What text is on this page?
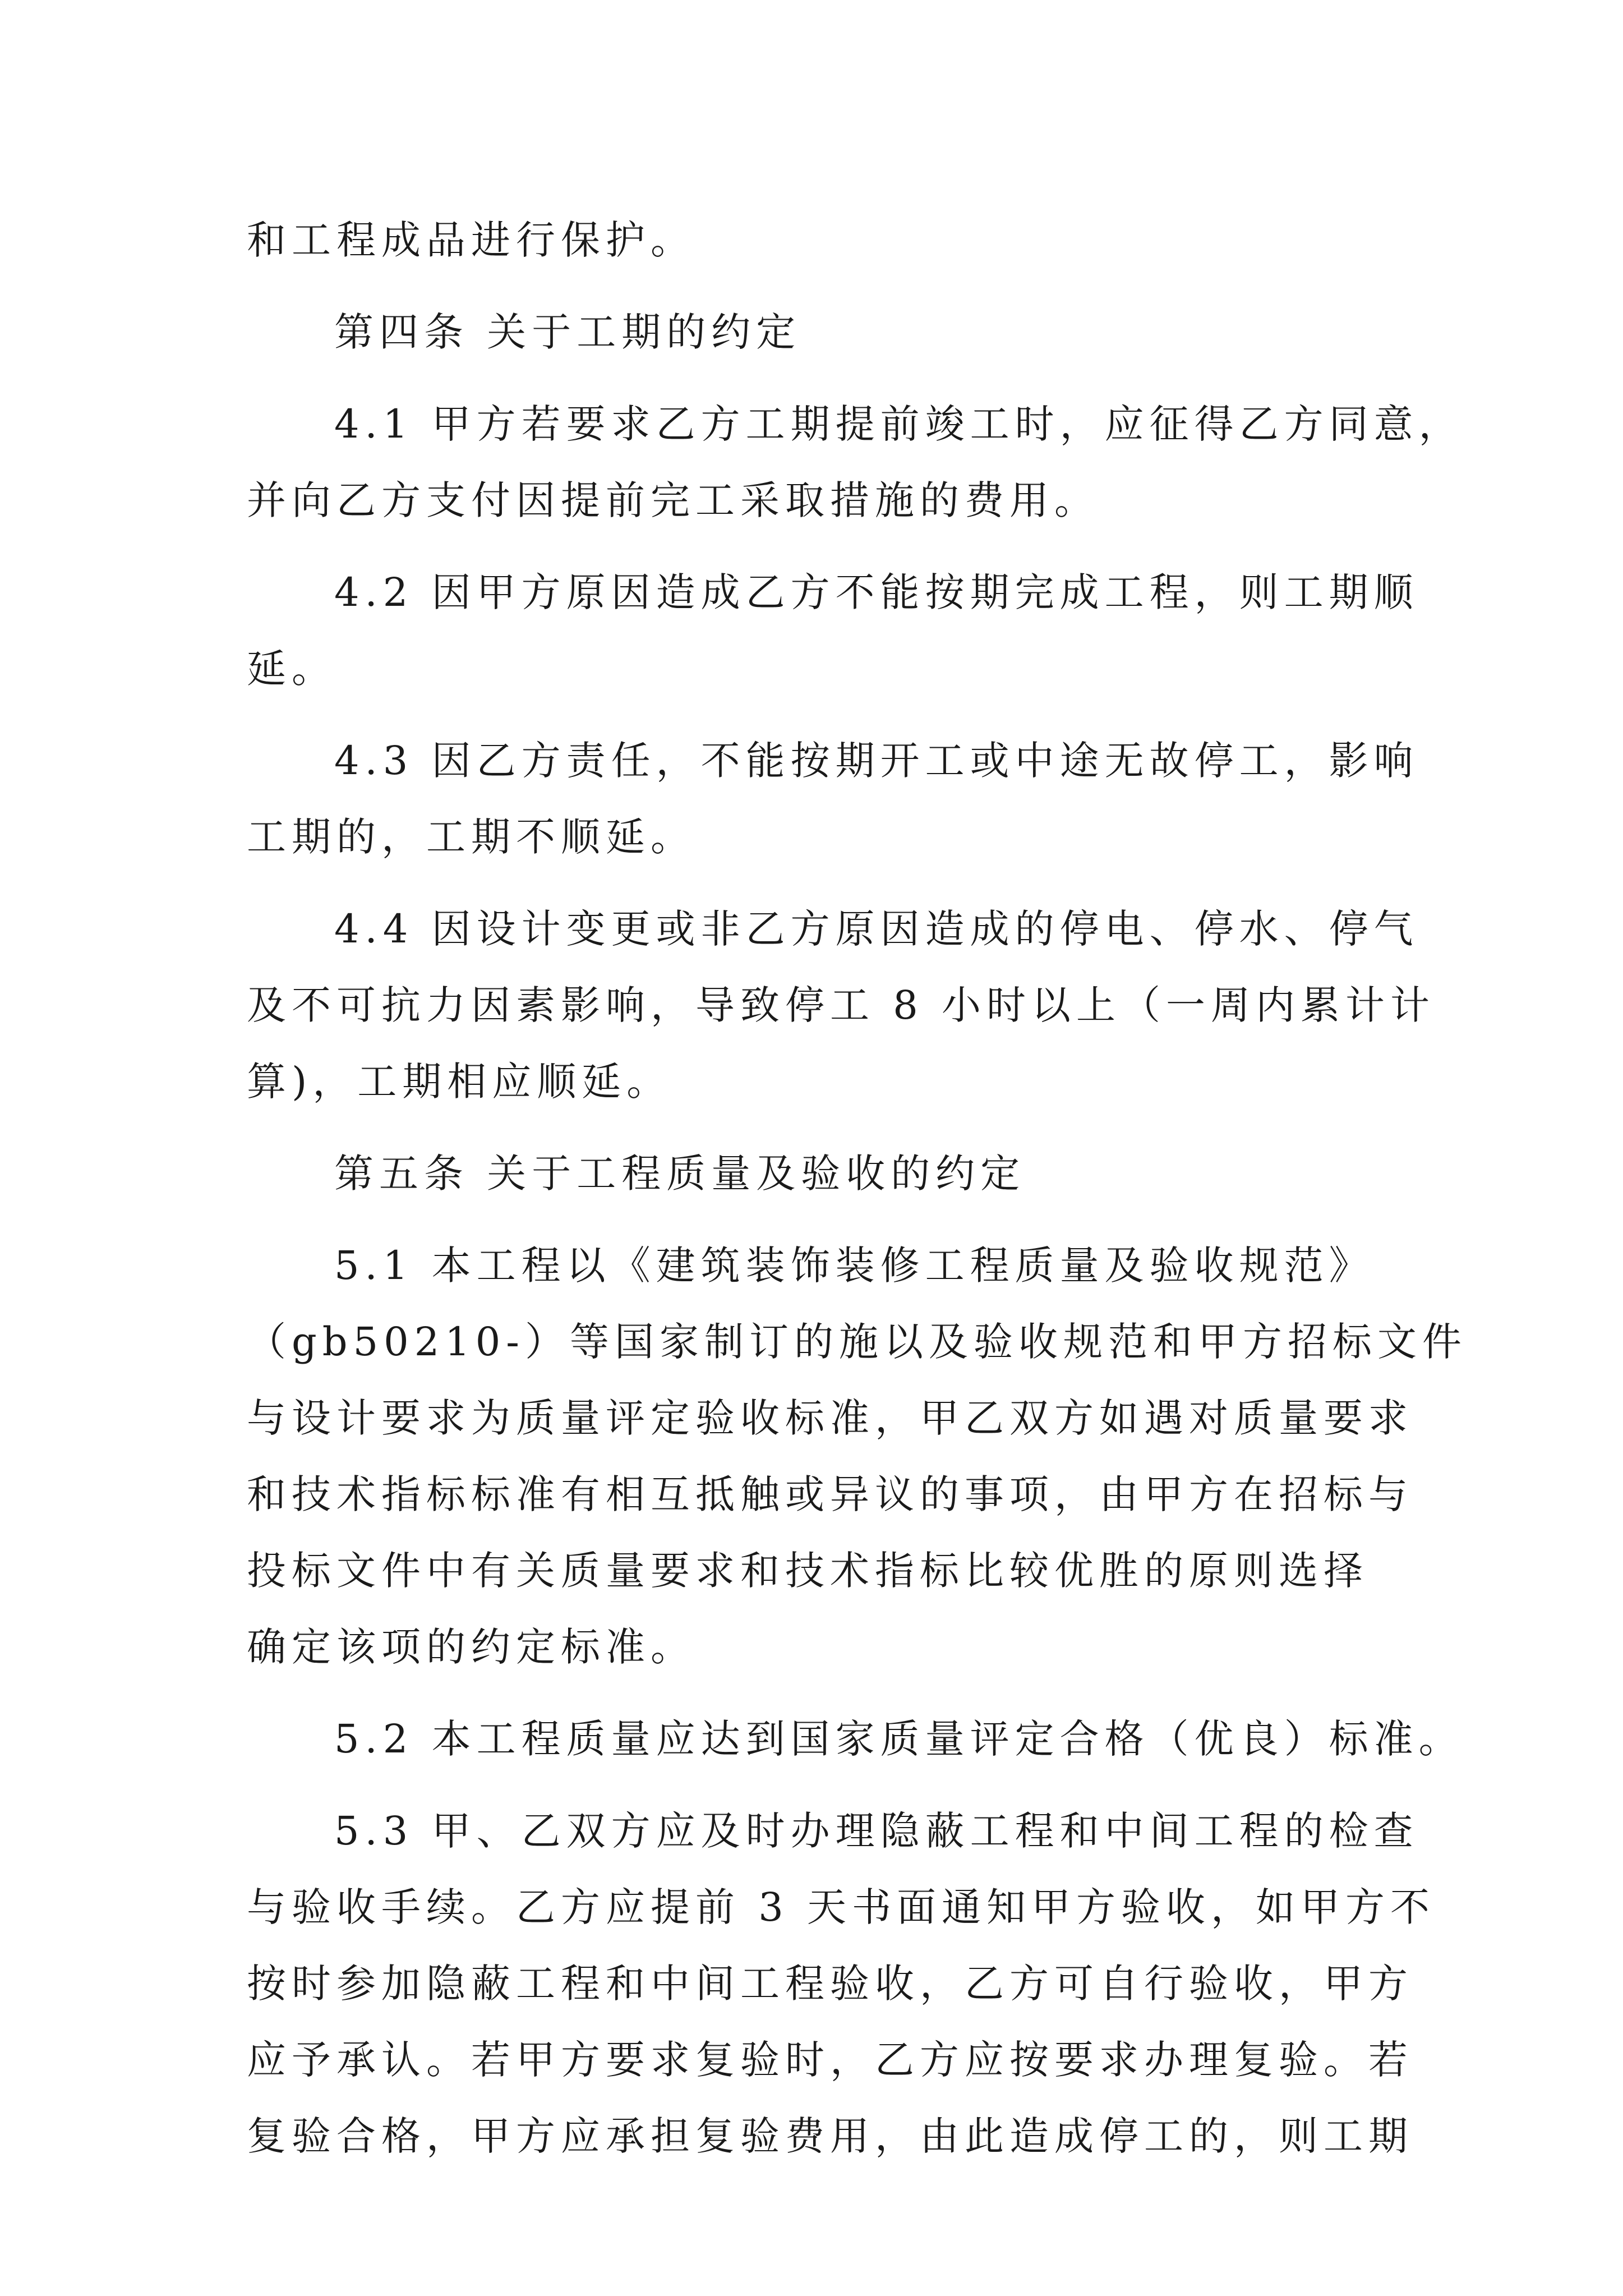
和工程成品进行保护。
第四条 关于工期的约定
4.1 甲方若要求乙方工期提前竣工时，应征得乙方同意，
并向乙方支付因提前完工采取措施的费用。
4.2 因甲方原因造成乙方不能按期完成工程，则工期顺
延。
4.3 因乙方责任，不能按期开工或中途无故停工，影响
工期的，工期不顺延。
4.4 因设计变更或非乙方原因造成的停电、停水、停气
及不可抗力因素影响，导致停工 8 小时以上（一周内累计计
算)，工期相应顺延。
第五条 关于工程质量及验收的约定
5.1 本工程以《建筑装饰装修工程质量及验收规范》
（gb50210-）等国家制订的施以及验收规范和甲方招标文件
与设计要求为质量评定验收标准，甲乙双方如遇对质量要求
和技术指标标准有相互抵触或异议的事项，由甲方在招标与
投标文件中有关质量要求和技术指标比较优胜的原则选择
确定该项的约定标准。
5.2 本工程质量应达到国家质量评定合格（优良）标准。
5.3 甲、乙双方应及时办理隐蔽工程和中间工程的检查
与验收手续。乙方应提前 3 天书面通知甲方验收，如甲方不
按时参加隐蔽工程和中间工程验收，乙方可自行验收，甲方
应予承认。若甲方要求复验时，乙方应按要求办理复验。若
复验合格，甲方应承担复验费用，由此造成停工的，则工期
